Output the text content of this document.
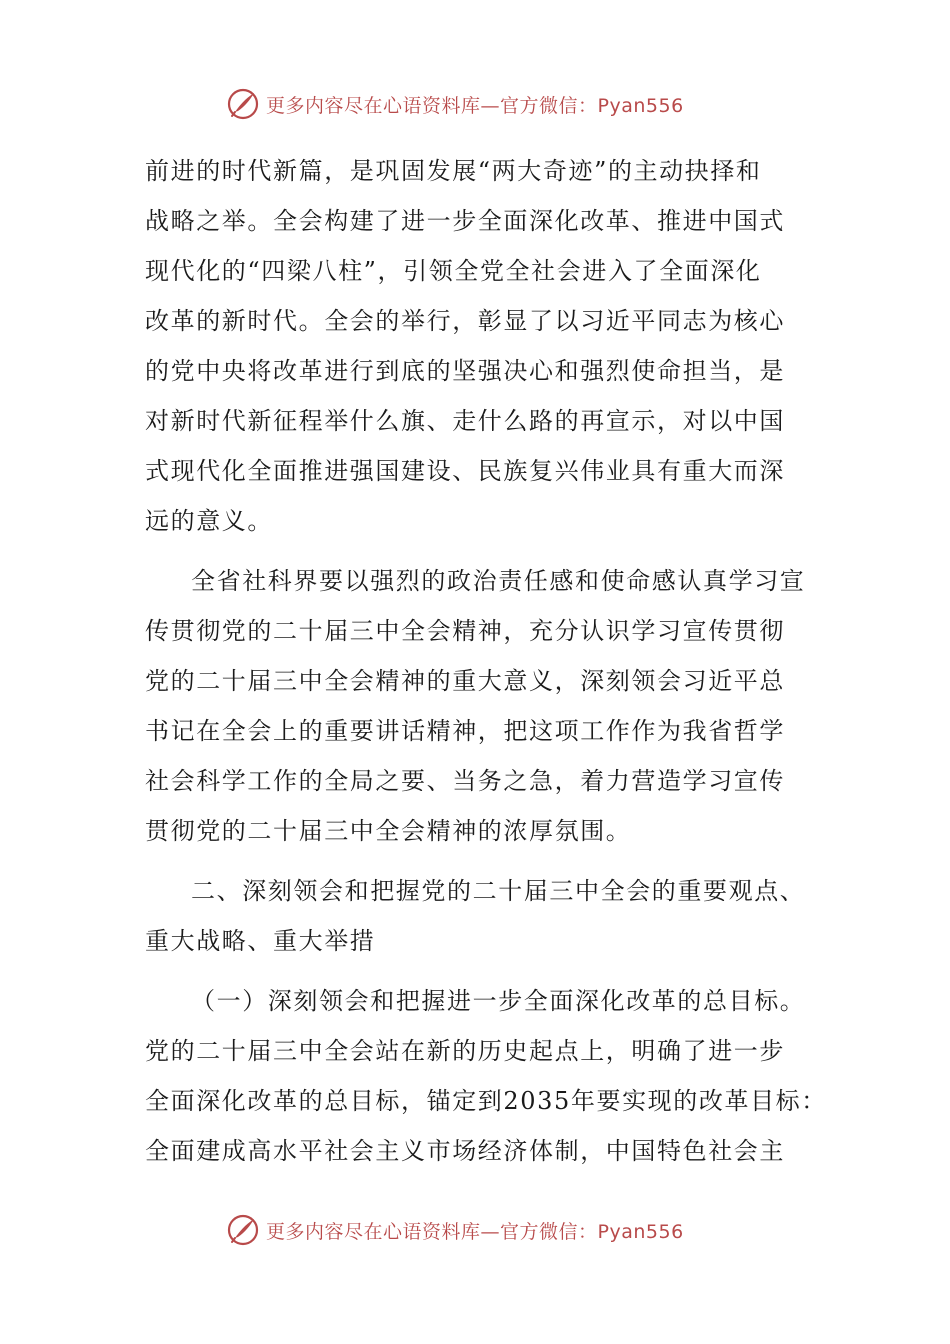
更多内容尽在心语资料库—官方微信：Pyan556
前进的时代新篇，是巩固发展“两大奇迹”的主动抉择和
战略之举。全会构建了进一步全面深化改革、推进中国式
现代化的“四梁八柱”，引领全党全社会进入了全面深化
改革的新时代。全会的举行，彰显了以习近平同志为核心
的党中央将改革进行到底的坚强决心和强烈使命担当，是
对新时代新征程举什么旗、走什么路的再宣示，对以中国
式现代化全面推进强国建设、民族复兴伟业具有重大而深
远的意义。
全省社科界要以强烈的政治责任感和使命感认真学习宣
传贯彻党的二十届三中全会精神，充分认识学习宣传贯彻
党的二十届三中全会精神的重大意义，深刻领会习近平总
书记在全会上的重要讲话精神，把这项工作作为我省哲学
社会科学工作的全局之要、当务之急，着力营造学习宣传
贯彻党的二十届三中全会精神的浓厚氛围。
二、深刻领会和把握党的二十届三中全会的重要观点、
重大战略、重大举措
（一）深刻领会和把握进一步全面深化改革的总目标。
党的二十届三中全会站在新的历史起点上，明确了进一步
全面深化改革的总目标，锚定到2035年要实现的改革目标：
全面建成高水平社会主义市场经济体制，中国特色社会主
更多内容尽在心语资料库—官方微信：Pyan556
